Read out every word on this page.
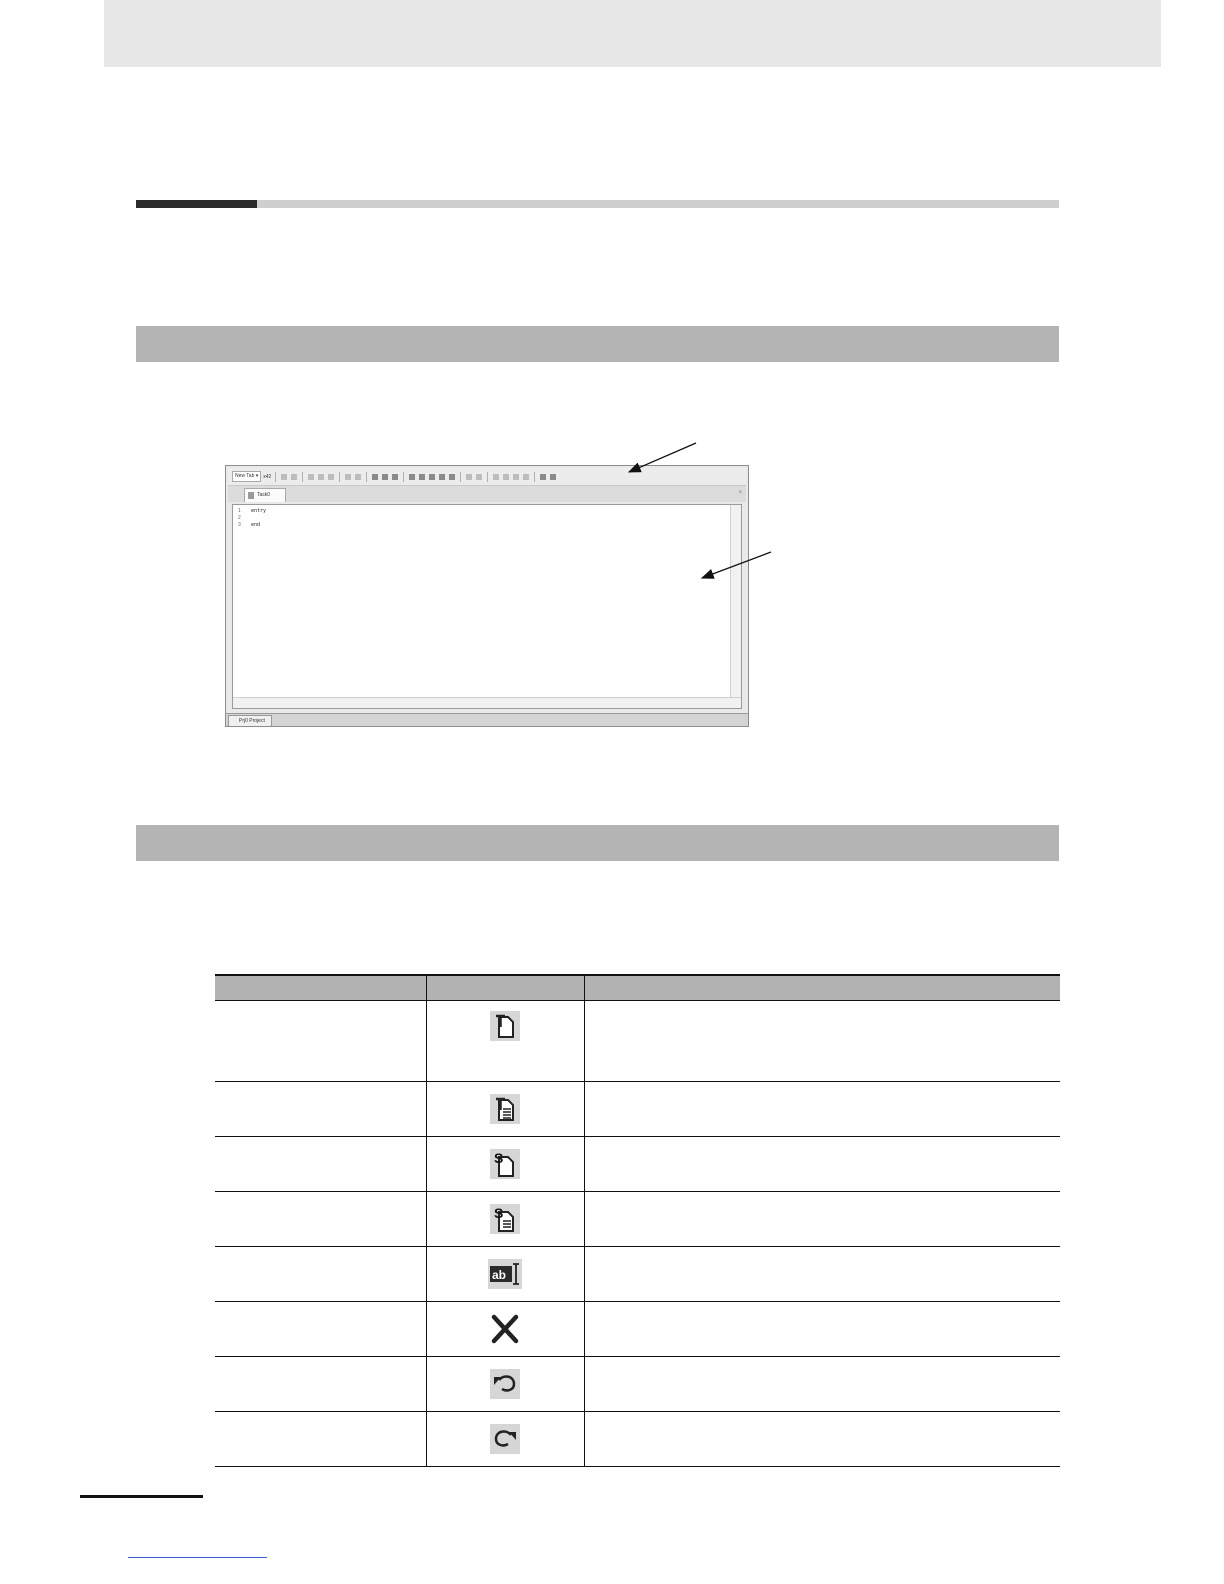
New Tab ▾	x42
Task0	×
1 entry
2
3 end
Prj0 Project

S	

S	

ab	
